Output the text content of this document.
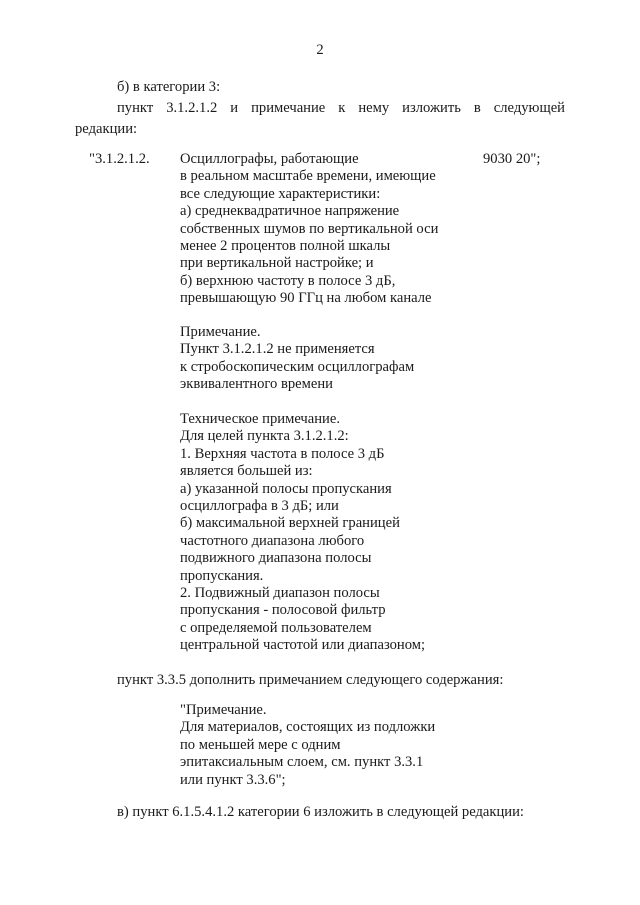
2
б) в категории 3:
пункт 3.1.2.1.2 и примечание к нему изложить в следующей
редакции:
"3.1.2.1.2.	9030 20";
Осциллографы, работающие
в реальном масштабе времени, имеющие
все следующие характеристики:
а) среднеквадратичное напряжение
собственных шумов по вертикальной оси
менее 2 процентов полной шкалы
при вертикальной настройке; и
б) верхнюю частоту в полосе 3 дБ,
превышающую 90 ГГц на любом канале
Примечание.
Пункт 3.1.2.1.2 не применяется
к стробоскопическим осциллографам
эквивалентного времени
Техническое примечание.
Для целей пункта 3.1.2.1.2:
1. Верхняя частота в полосе 3 дБ
является большей из:
а) указанной полосы пропускания
осциллографа в 3 дБ; или
б) максимальной верхней границей
частотного диапазона любого
подвижного диапазона полосы
пропускания.
2. Подвижный диапазон полосы
пропускания - полосовой фильтр
с определяемой пользователем
центральной частотой или диапазоном;
пункт 3.3.5 дополнить примечанием следующего содержания:
"Примечание.
Для материалов, состоящих из подложки
по меньшей мере с одним
эпитаксиальным слоем, см. пункт 3.3.1
или пункт 3.3.6";
в) пункт 6.1.5.4.1.2 категории 6 изложить в следующей редакции:
